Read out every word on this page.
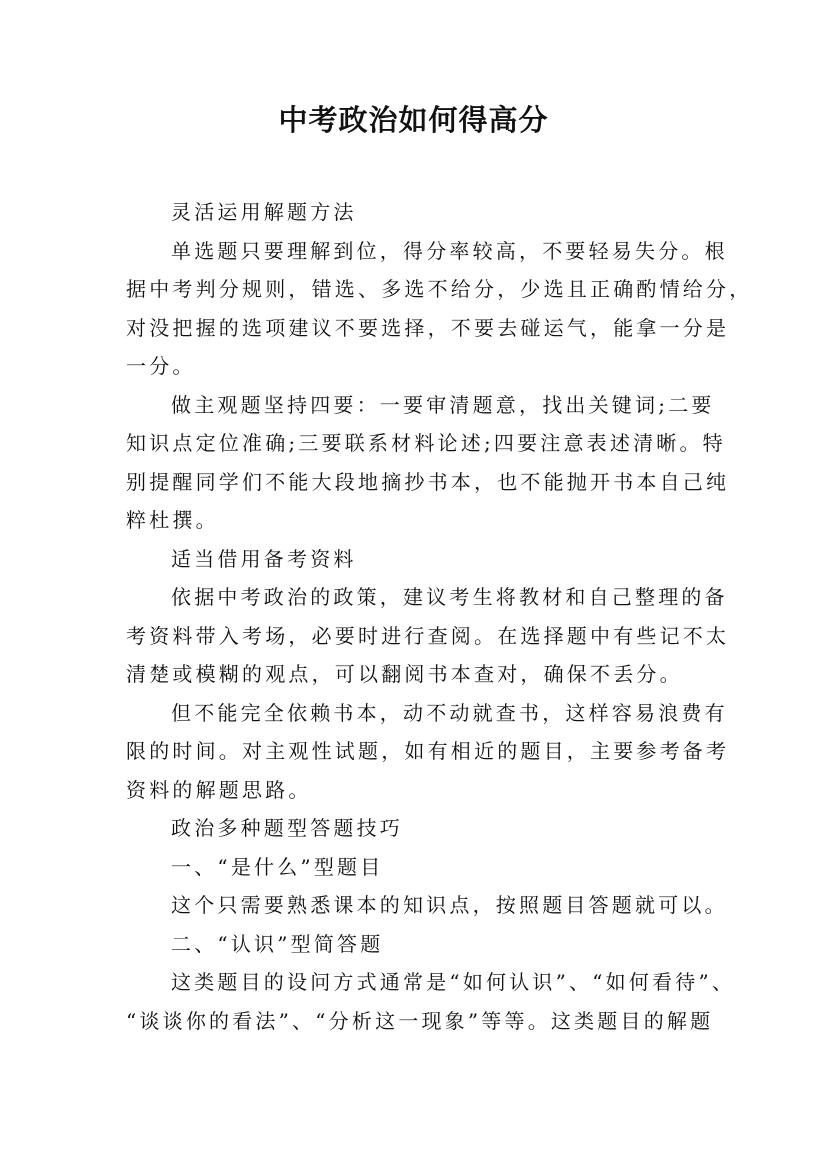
中考政治如何得高分
灵活运用解题方法
单选题只要理解到位，得分率较高，不要轻易失分。根
据中考判分规则，错选、多选不给分，少选且正确酌情给分，
对没把握的选项建议不要选择，不要去碰运气，能拿一分是
一分。
做主观题坚持四要：一要审清题意，找出关键词;二要
知识点定位准确;三要联系材料论述;四要注意表述清晰。特
别提醒同学们不能大段地摘抄书本，也不能抛开书本自己纯
粹杜撰。
适当借用备考资料
依据中考政治的政策，建议考生将教材和自己整理的备
考资料带入考场，必要时进行查阅。在选择题中有些记不太
清楚或模糊的观点，可以翻阅书本查对，确保不丢分。
但不能完全依赖书本，动不动就查书，这样容易浪费有
限的时间。对主观性试题，如有相近的题目，主要参考备考
资料的解题思路。
政治多种题型答题技巧
一、“是什么”型题目
这个只需要熟悉课本的知识点，按照题目答题就可以。
二、“认识”型简答题
这类题目的设问方式通常是“如何认识”、“如何看待”、
“谈谈你的看法”、“分析这一现象”等等。这类题目的解题
